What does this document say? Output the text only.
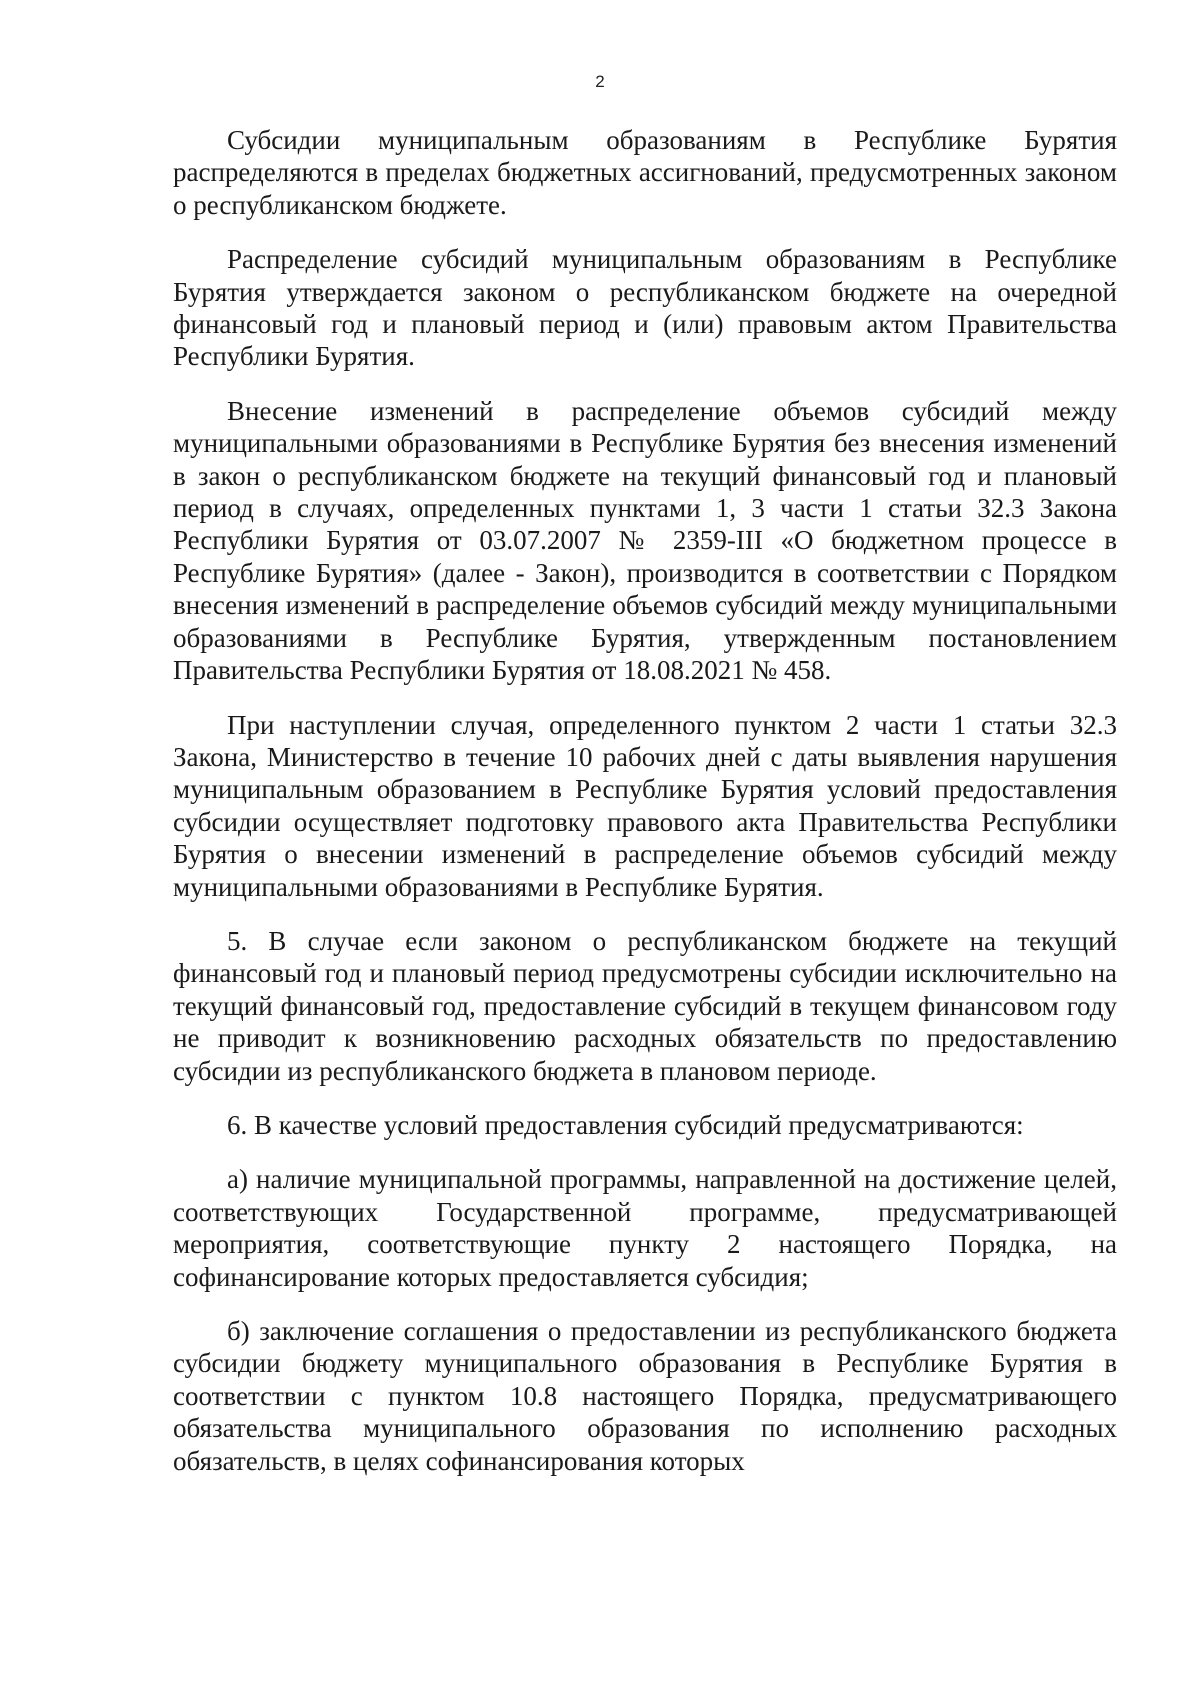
2

Субсидии муниципальным образованиям в Республике Бурятия распределяются в пределах бюджетных ассигнований, предусмотренных законом о республиканском бюджете.

Распределение субсидий муниципальным образованиям в Республике Бурятия утверждается законом о республиканском бюджете на очередной финансовый год и плановый период и (или) правовым актом Правительства Республики Бурятия.

Внесение изменений в распределение объемов субсидий между муниципальными образованиями в Республике Бурятия без внесения изменений в закон о республиканском бюджете на текущий финансовый год и плановый период в случаях, определенных пунктами 1, 3 части 1 статьи 32.3 Закона Республики Бурятия от 03.07.2007 № 2359-III «О бюджетном процессе в Республике Бурятия» (далее - Закон), производится в соответствии с Порядком внесения изменений в распределение объемов субсидий между муниципальными образованиями в Республике Бурятия, утвержденным постановлением Правительства Республики Бурятия от 18.08.2021 № 458.

При наступлении случая, определенного пунктом 2 части 1 статьи 32.3 Закона, Министерство в течение 10 рабочих дней с даты выявления нарушения муниципальным образованием в Республике Бурятия условий предоставления субсидии осуществляет подготовку правового акта Правительства Республики Бурятия о внесении изменений в распределение объемов субсидий между муниципальными образованиями в Республике Бурятия.

5. В случае если законом о республиканском бюджете на текущий финансовый год и плановый период предусмотрены субсидии исключительно на текущий финансовый год, предоставление субсидий в текущем финансовом году не приводит к возникновению расходных обязательств по предоставлению субсидии из республиканского бюджета в плановом периоде.

6. В качестве условий предоставления субсидий предусматриваются:

а) наличие муниципальной программы, направленной на достижение целей, соответствующих Государственной программе, предусматривающей мероприятия, соответствующие пункту 2 настоящего Порядка, на софинансирование которых предоставляется субсидия;

б) заключение соглашения о предоставлении из республиканского бюджета субсидии бюджету муниципального образования в Республике Бурятия в соответствии с пунктом 10.8 настоящего Порядка, предусматривающего обязательства муниципального образования по исполнению расходных обязательств, в целях софинансирования которых
